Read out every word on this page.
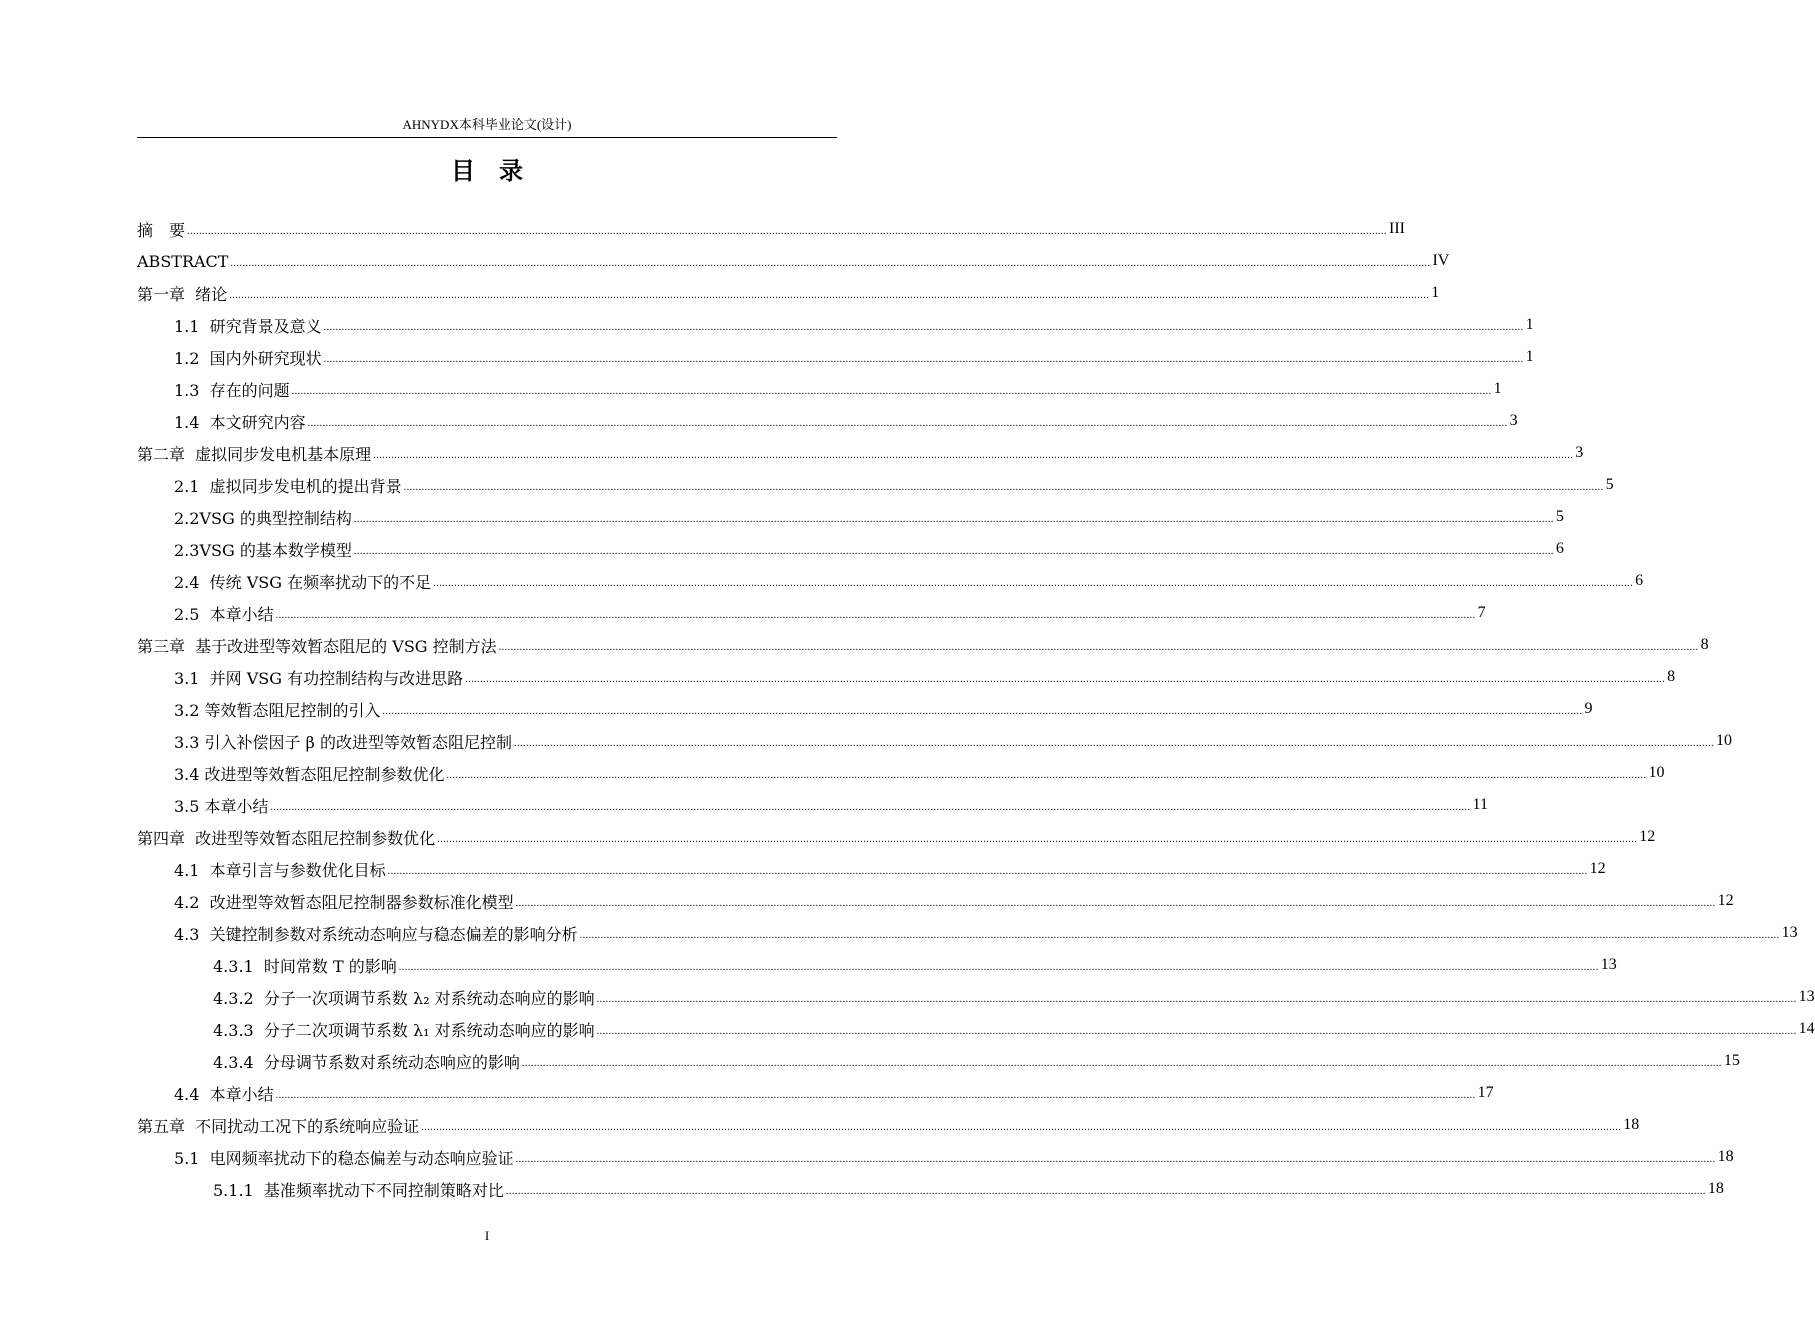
AHNYDX本科毕业论文(设计)
目录
摘　要 ................................................................................................................................................................................................................................................................................................................................................................................................................ III
ABSTRACT ................................................................................................................................................................................................................................................................................................................................................................................................................ IV
第一章  绪论 ................................................................................................................................................................................................................................................................................................................................................................................................................ 1
1.1  研究背景及意义 ................................................................................................................................................................................................................................................................................................................................................................................................................ 1
1.2  国内外研究现状 ................................................................................................................................................................................................................................................................................................................................................................................................................ 1
1.3  存在的问题 ................................................................................................................................................................................................................................................................................................................................................................................................................ 1
1.4  本文研究内容 ................................................................................................................................................................................................................................................................................................................................................................................................................ 3
第二章  虚拟同步发电机基本原理 ................................................................................................................................................................................................................................................................................................................................................................................................................ 3
2.1  虚拟同步发电机的提出背景 ................................................................................................................................................................................................................................................................................................................................................................................................................ 5
2.2VSG 的典型控制结构 ................................................................................................................................................................................................................................................................................................................................................................................................................ 5
2.3VSG 的基本数学模型 ................................................................................................................................................................................................................................................................................................................................................................................................................ 6
2.4  传统 VSG 在频率扰动下的不足 ................................................................................................................................................................................................................................................................................................................................................................................................................ 6
2.5  本章小结 ................................................................................................................................................................................................................................................................................................................................................................................................................ 7
第三章  基于改进型等效暂态阻尼的 VSG 控制方法 ................................................................................................................................................................................................................................................................................................................................................................................................................ 8
3.1  并网 VSG 有功控制结构与改进思路 ................................................................................................................................................................................................................................................................................................................................................................................................................ 8
3.2 等效暂态阻尼控制的引入 ................................................................................................................................................................................................................................................................................................................................................................................................................ 9
3.3 引入补偿因子 β 的改进型等效暂态阻尼控制 ................................................................................................................................................................................................................................................................................................................................................................................................................ 10
3.4 改进型等效暂态阻尼控制参数优化 ................................................................................................................................................................................................................................................................................................................................................................................................................ 10
3.5 本章小结 ................................................................................................................................................................................................................................................................................................................................................................................................................ 11
第四章  改进型等效暂态阻尼控制参数优化 ................................................................................................................................................................................................................................................................................................................................................................................................................ 12
4.1  本章引言与参数优化目标 ................................................................................................................................................................................................................................................................................................................................................................................................................ 12
4.2  改进型等效暂态阻尼控制器参数标准化模型 ................................................................................................................................................................................................................................................................................................................................................................................................................ 12
4.3  关键控制参数对系统动态响应与稳态偏差的影响分析 ................................................................................................................................................................................................................................................................................................................................................................................................................ 13
4.3.1  时间常数 T 的影响 ................................................................................................................................................................................................................................................................................................................................................................................................................ 13
4.3.2  分子一次项调节系数 λ₂ 对系统动态响应的影响 ................................................................................................................................................................................................................................................................................................................................................................................................................ 13
4.3.3  分子二次项调节系数 λ₁ 对系统动态响应的影响 ................................................................................................................................................................................................................................................................................................................................................................................................................ 14
4.3.4  分母调节系数对系统动态响应的影响 ................................................................................................................................................................................................................................................................................................................................................................................................................ 15
4.4  本章小结 ................................................................................................................................................................................................................................................................................................................................................................................................................ 17
第五章  不同扰动工况下的系统响应验证 ................................................................................................................................................................................................................................................................................................................................................................................................................ 18
5.1  电网频率扰动下的稳态偏差与动态响应验证 ................................................................................................................................................................................................................................................................................................................................................................................................................ 18
5.1.1  基准频率扰动下不同控制策略对比 ................................................................................................................................................................................................................................................................................................................................................................................................................ 18
I
